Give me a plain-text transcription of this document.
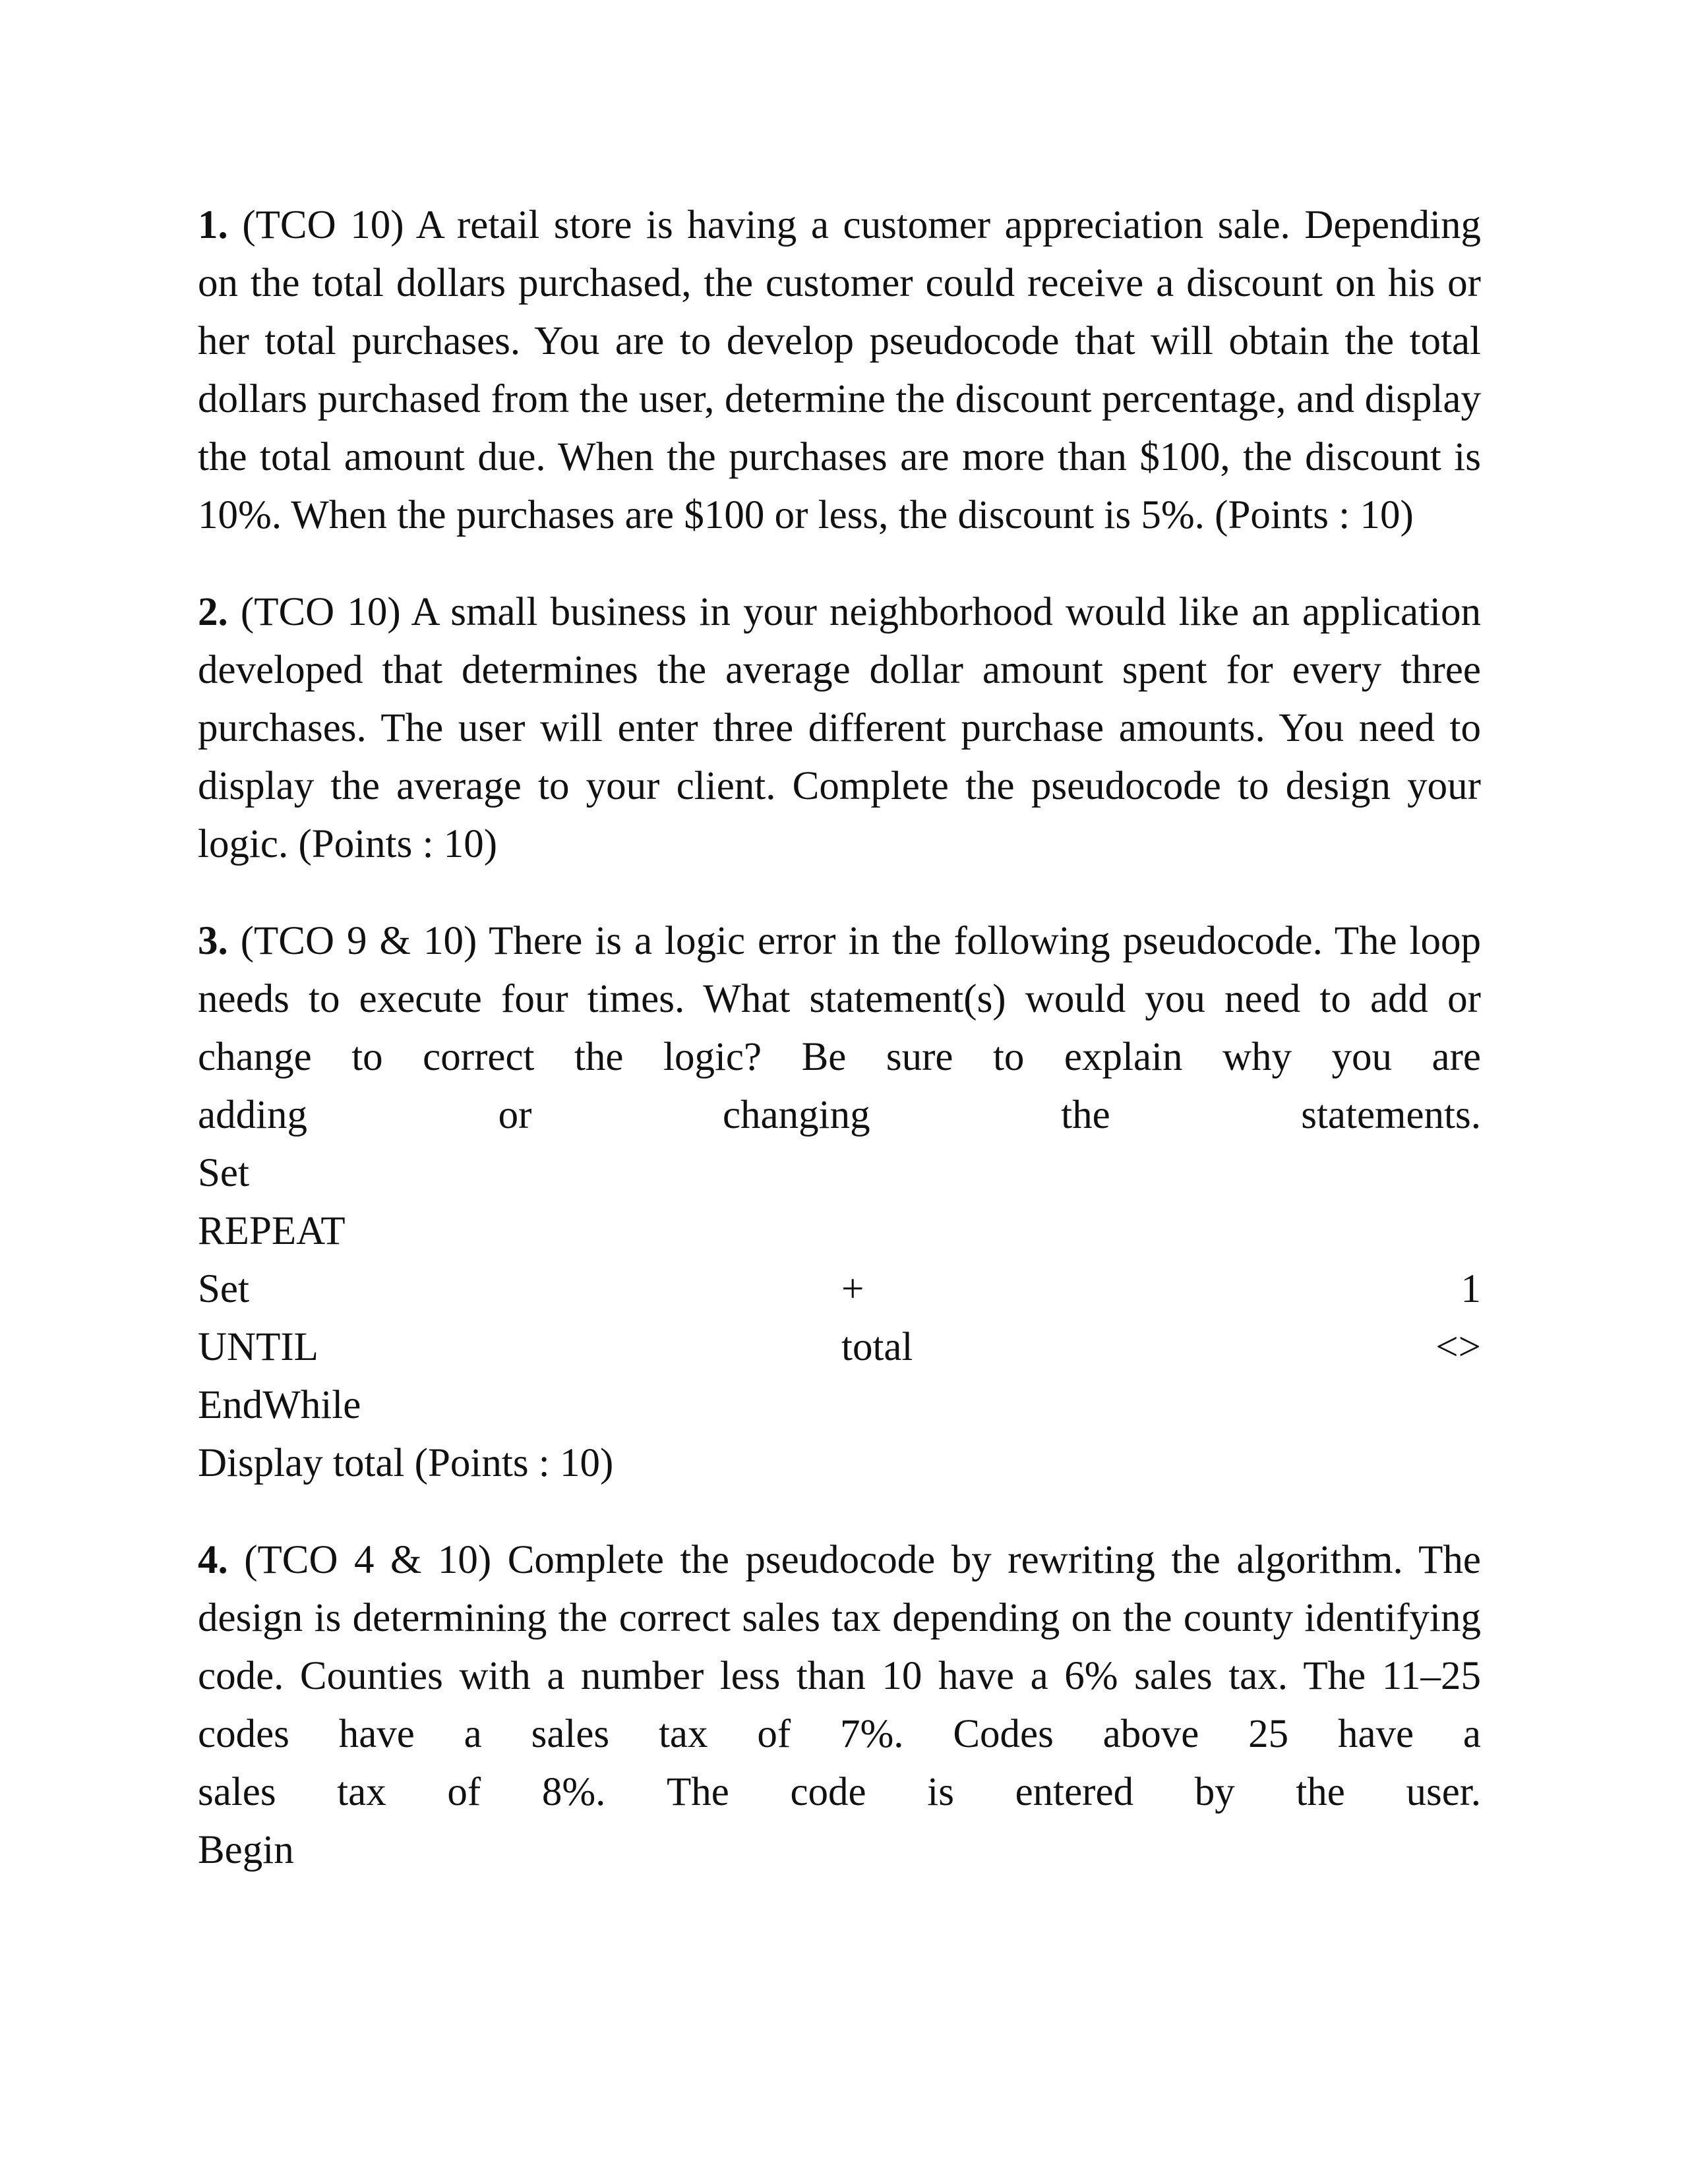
1. (TCO 10) A retail store is having a customer appreciation sale. Depending on the total dollars purchased, the customer could receive a discount on his or her total purchases. You are to develop pseudocode that will obtain the total dollars purchased from the user, determine the discount percentage, and display the total amount due. When the purchases are more than $100, the discount is 10%. When the purchases are $100 or less, the discount is 5%. (Points : 10)
2. (TCO 10) A small business in your neighborhood would like an application developed that determines the average dollar amount spent for every three purchases. The user will enter three different purchase amounts. You need to display the average to your client. Complete the pseudocode to design your logic. (Points : 10)
3. (TCO 9 & 10) There is a logic error in the following pseudocode. The loop needs to execute four times. What statement(s) would you need to add or change to correct the logic? Be sure to explain why you are
adding	or	changing	the	statements.
Set
REPEAT
Set	+	1
UNTIL	total	<>
EndWhile
Display total (Points : 10)
4. (TCO 4 & 10) Complete the pseudocode by rewriting the algorithm. The design is determining the correct sales tax depending on the county identifying code. Counties with a number less than 10 have a 6% sales tax. The 11–25 codes have a sales tax of 7%. Codes above 25 have a
sales tax of 8%. The code is entered by the user.
Begin
